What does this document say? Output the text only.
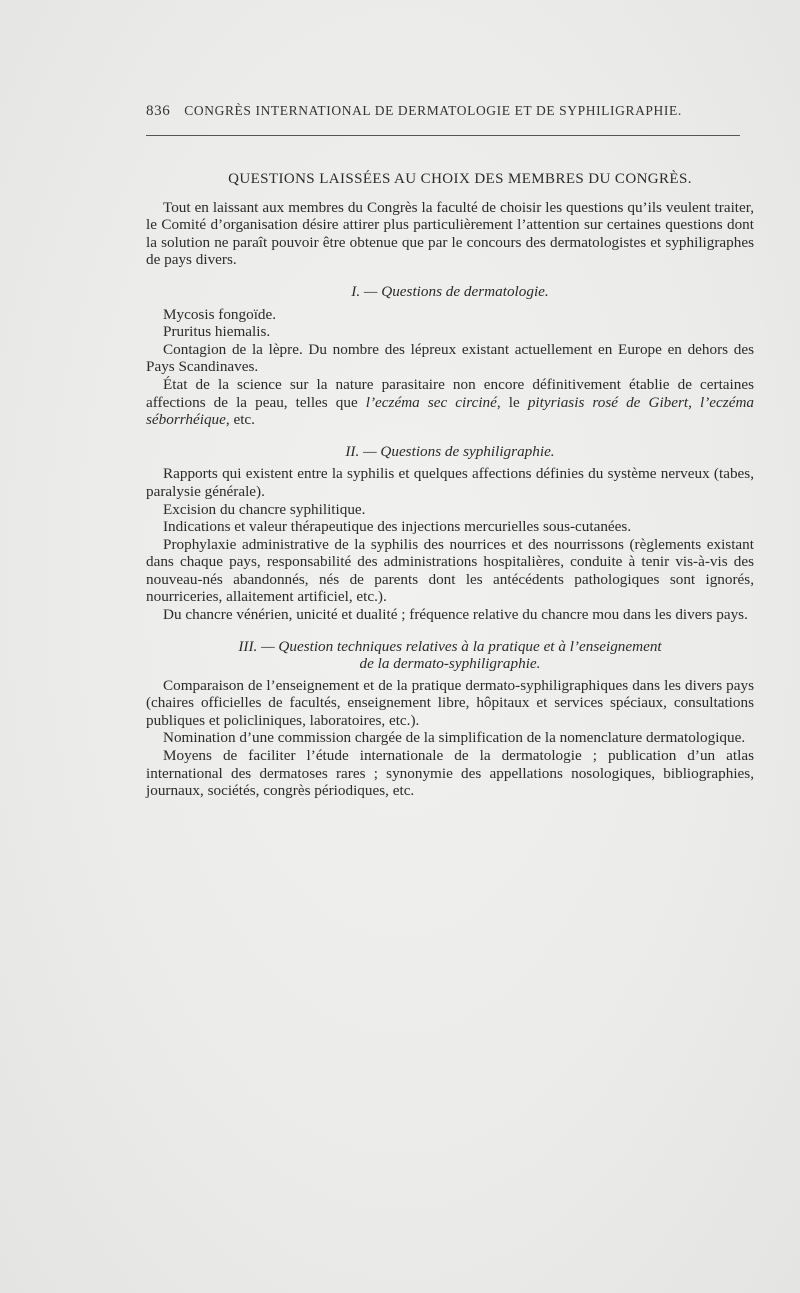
836 CONGRÈS INTERNATIONAL DE DERMATOLOGIE ET DE SYPHILIGRAPHIE.
QUESTIONS LAISSÉES AU CHOIX DES MEMBRES DU CONGRÈS.

Tout en laissant aux membres du Congrès la faculté de choisir les questions qu’ils veulent traiter, le Comité d’organisation désire attirer plus particulièrement l’attention sur certaines questions dont la solution ne paraît pouvoir être obtenue que par le concours des dermatologistes et syphiligraphes de pays divers.

I. — Questions de dermatologie.

Mycosis fongoïde.

Pruritus hiemalis.

Contagion de la lèpre. Du nombre des lépreux existant actuellement en Europe en dehors des Pays Scandinaves.

État de la science sur la nature parasitaire non encore définitivement établie de certaines affections de la peau, telles que l’eczéma sec circiné, le pityriasis rosé de Gibert, l’eczéma séborrhéique, etc.

II. — Questions de syphiligraphie.

Rapports qui existent entre la syphilis et quelques affections définies du système nerveux (tabes, paralysie générale).

Excision du chancre syphilitique.

Indications et valeur thérapeutique des injections mercurielles sous-cutanées.

Prophylaxie administrative de la syphilis des nourrices et des nourrissons (règlements existant dans chaque pays, responsabilité des administrations hospitalières, conduite à tenir vis-à-vis des nouveau-nés abandonnés, nés de parents dont les antécédents pathologiques sont ignorés, nourriceries, allaitement artificiel, etc.).

Du chancre vénérien, unicité et dualité ; fréquence relative du chancre mou dans les divers pays.

III. — Question techniques relatives à la pratique et à l’enseignement
de la dermato-syphiligraphie.

Comparaison de l’enseignement et de la pratique dermato-syphiligraphiques dans les divers pays (chaires officielles de facultés, enseignement libre, hôpitaux et services spéciaux, consultations publiques et policliniques, laboratoires, etc.).

Nomination d’une commission chargée de la simplification de la nomenclature dermatologique.

Moyens de faciliter l’étude internationale de la dermatologie ; publication d’un atlas international des dermatoses rares ; synonymie des appellations nosologiques, bibliographies, journaux, sociétés, congrès périodiques, etc.
